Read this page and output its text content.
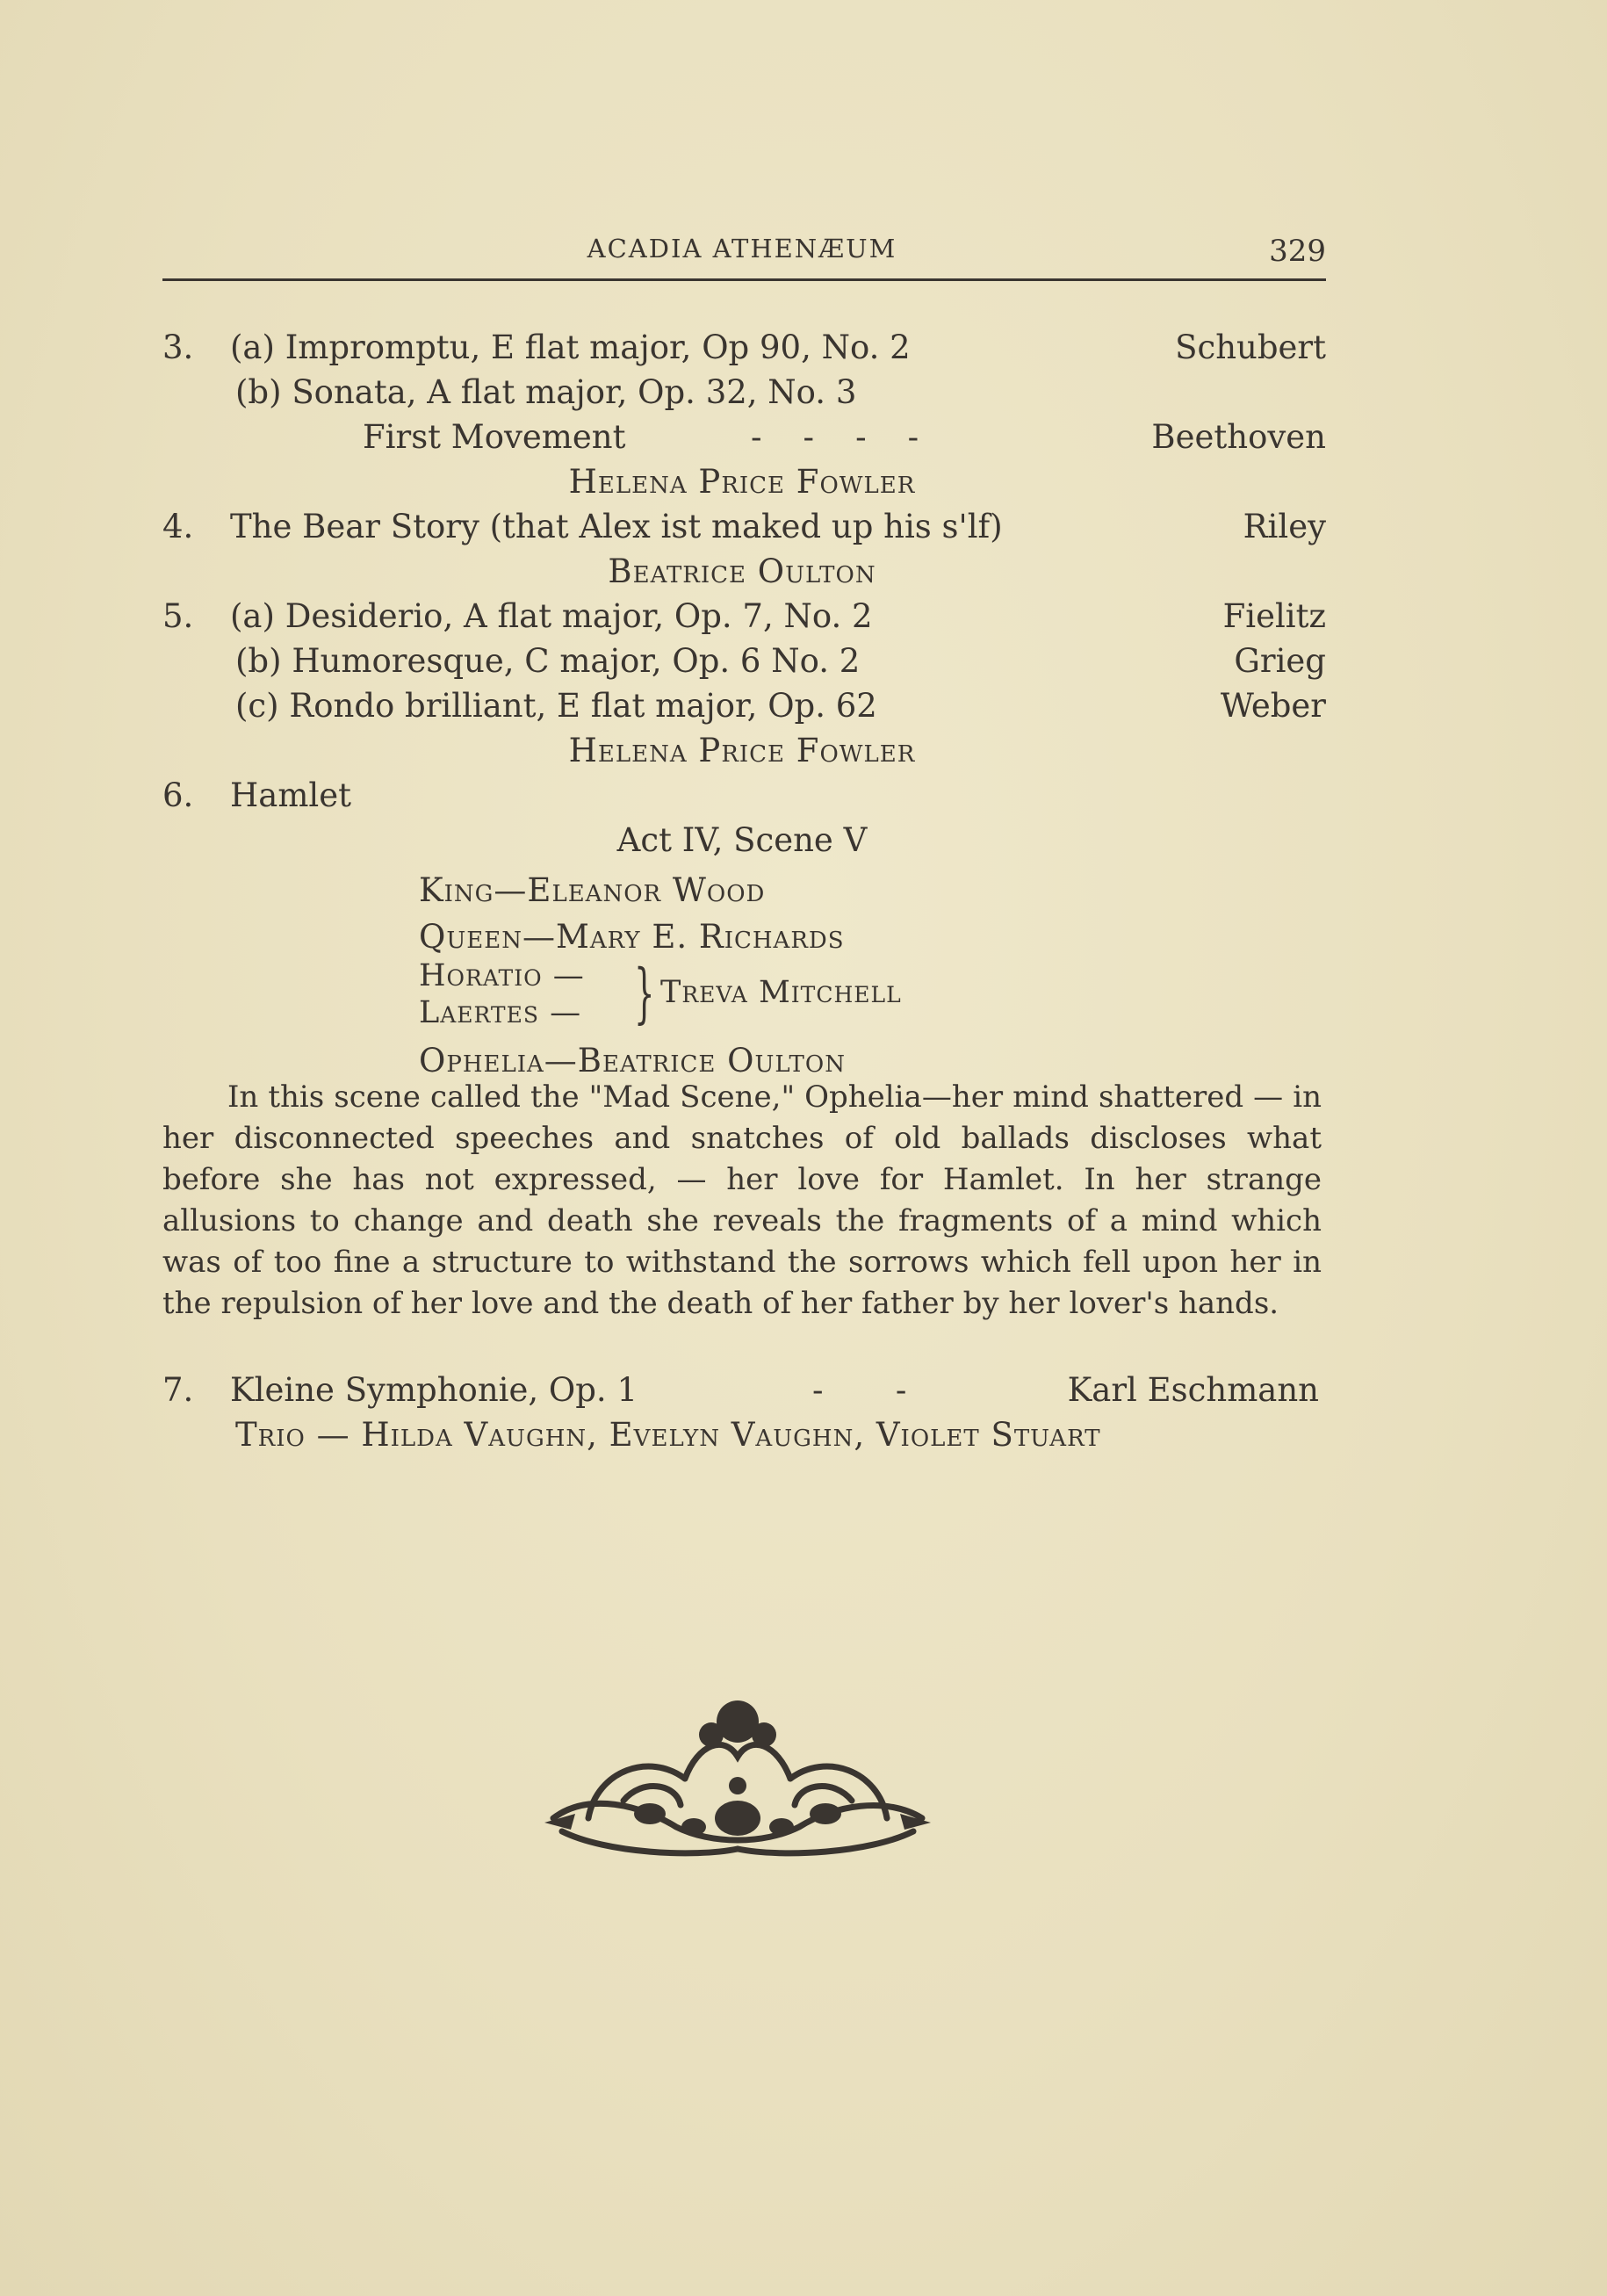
ACADIA ATHENÆUM	329
3. (a) Impromptu, E flat major, Op 90, No. 2	Schubert
(b) Sonata, A flat major, Op. 32, No. 3
First Movement	-    -    -    -	Beethoven
Helena Price Fowler
4. The Bear Story (that Alex ist maked up his s'lf)	Riley
Beatrice Oulton
5. (a) Desiderio, A flat major, Op. 7, No. 2	Fielitz
(b) Humoresque, C major, Op. 6 No. 2	Grieg
(c) Rondo brilliant, E flat major, Op. 62	Weber
Helena Price Fowler
6. Hamlet
Act IV, Scene V
King—Eleanor Wood
Queen—Mary E. Richards
Horatio —
Laertes — } Treva Mitchell
Ophelia—Beatrice Oulton

In this scene called the "Mad Scene," Ophelia—her mind shattered — in her disconnected speeches and snatches of old ballads discloses what before she has not expressed, — her love for Hamlet. In her strange allusions to change and death she reveals the fragments of a mind which was of too fine a structure to withstand the sorrows which fell upon her in the repulsion of her love and the death of her father by her lover's hands.

7. Kleine Symphonie, Op. 1	-       -	Karl Eschmann
Trio — Hilda Vaughn, Evelyn Vaughn, Violet Stuart
